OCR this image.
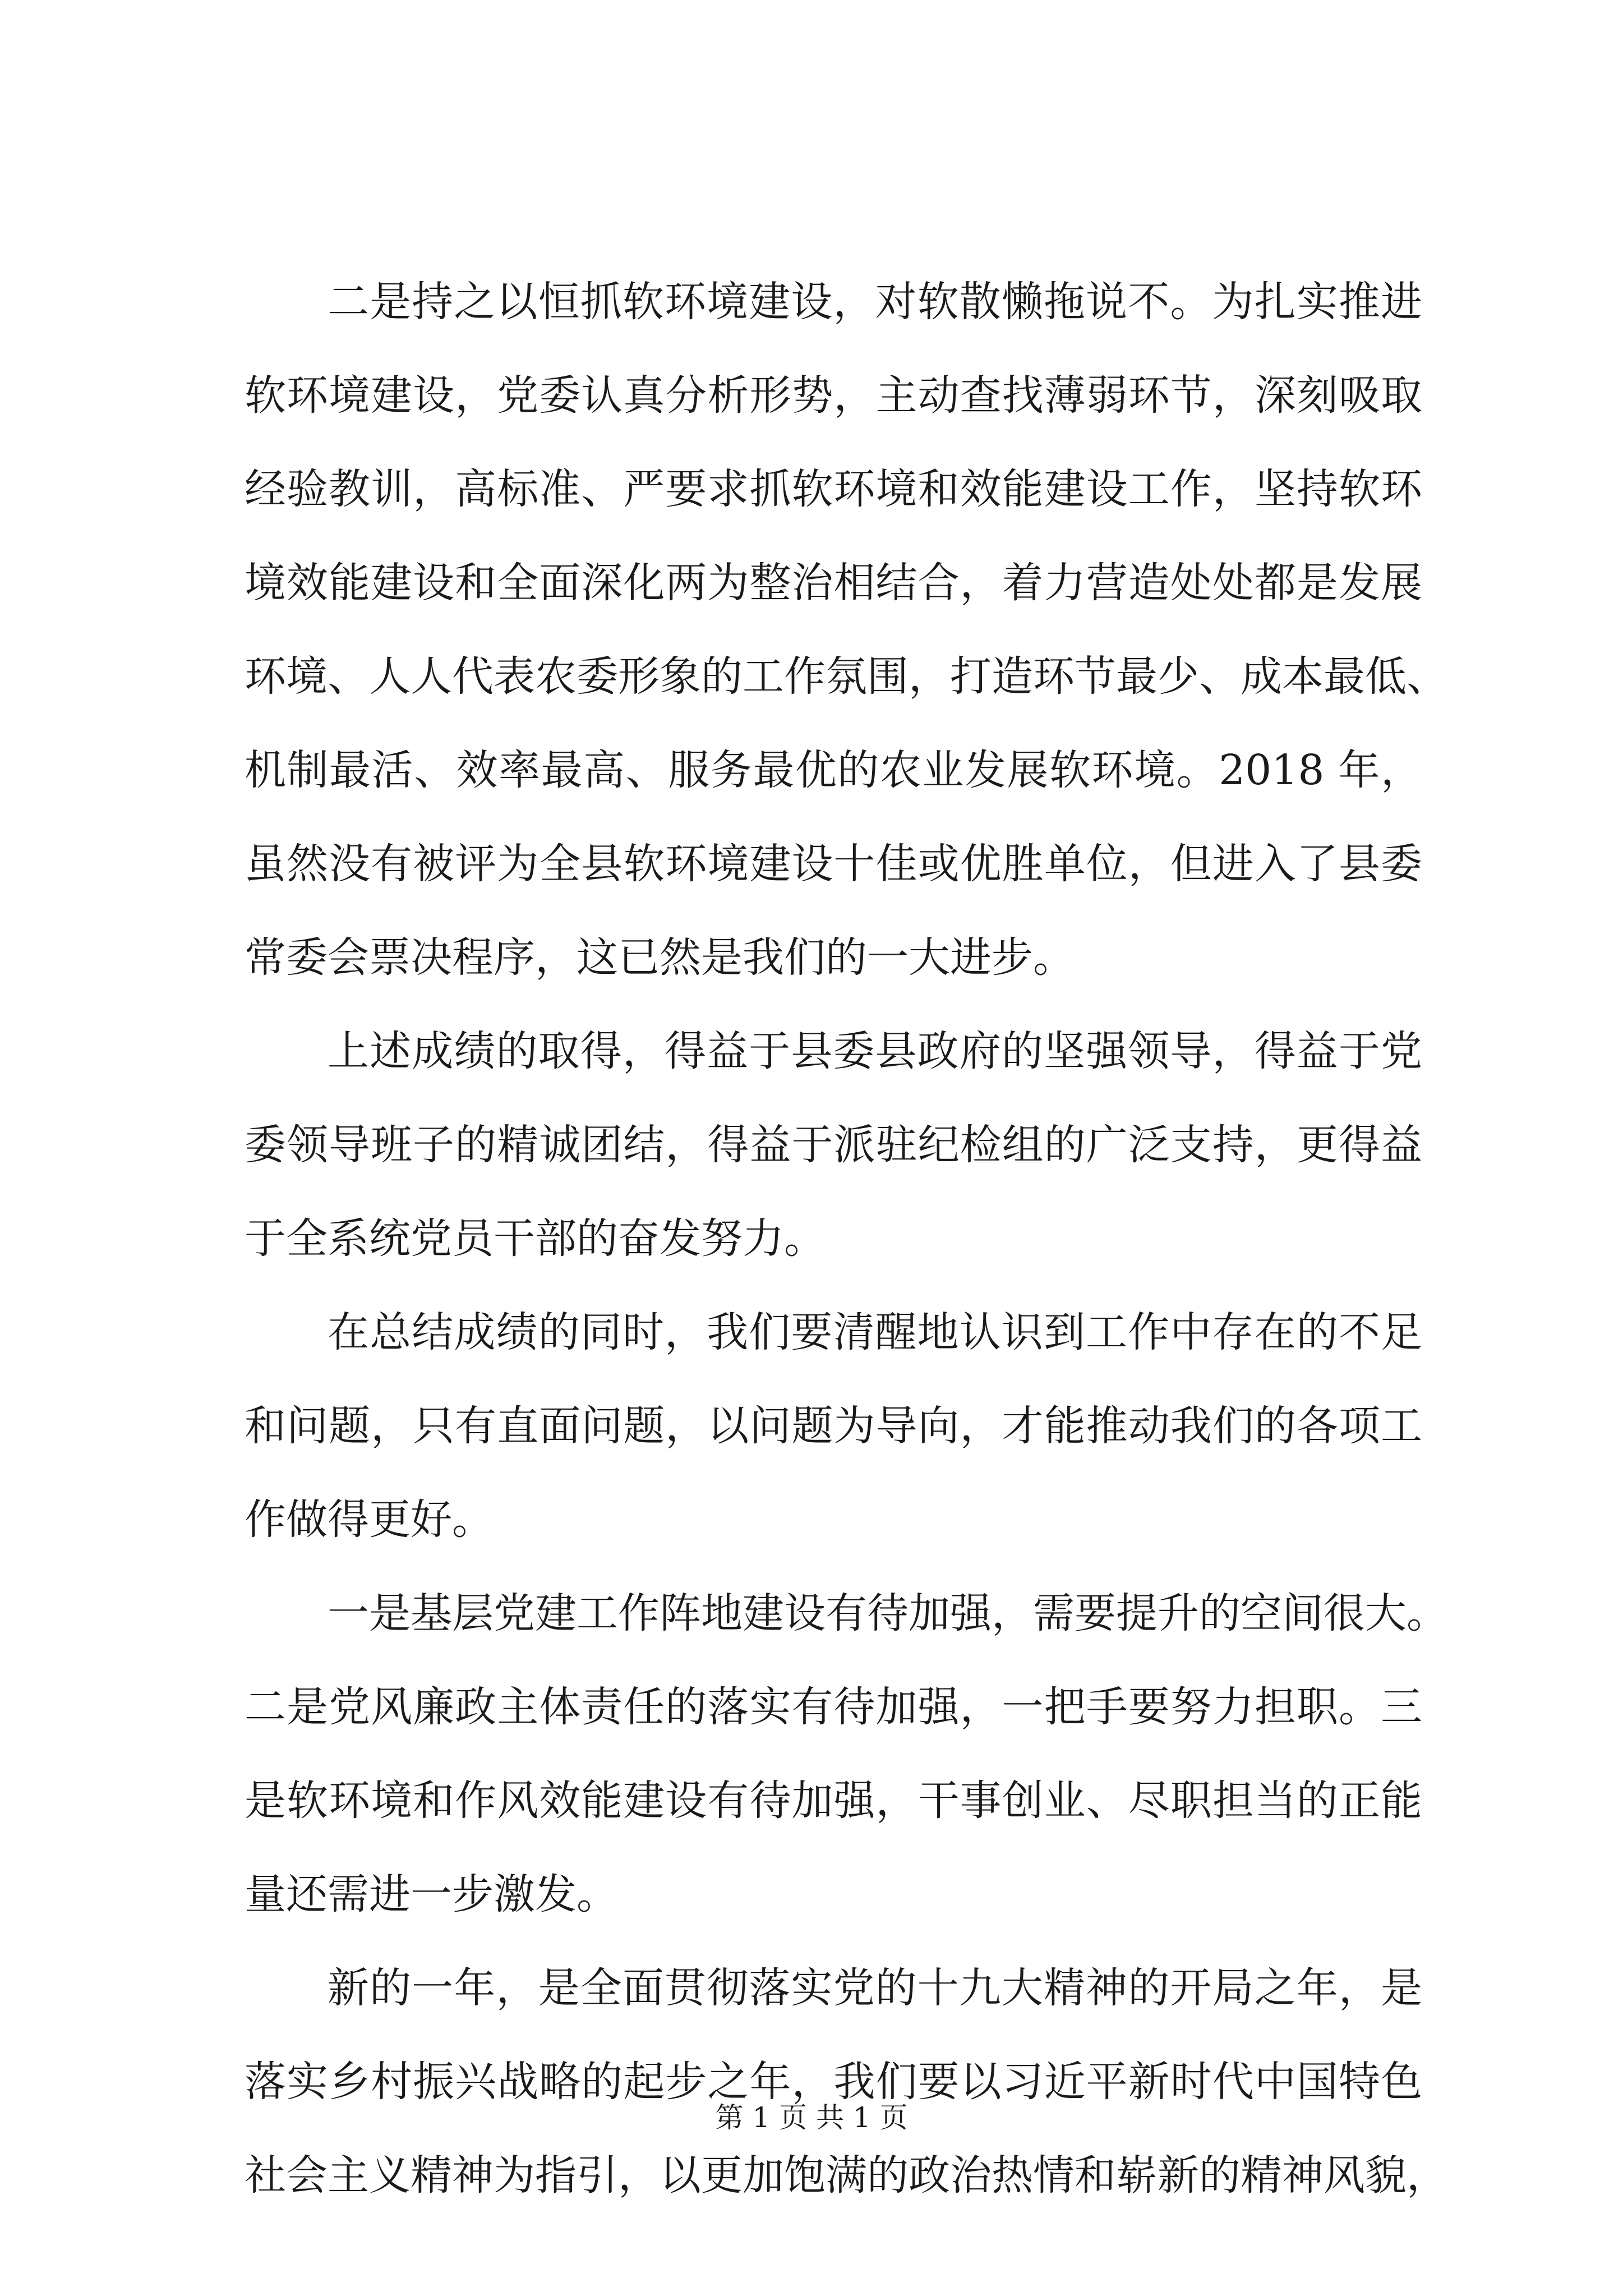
二是持之以恒抓软环境建设，对软散懒拖说不。为扎实推进
软环境建设，党委认真分析形势，主动查找薄弱环节，深刻吸取
经验教训，高标准、严要求抓软环境和效能建设工作，坚持软环
境效能建设和全面深化两为整治相结合，着力营造处处都是发展
环境、人人代表农委形象的工作氛围，打造环节最少、成本最低、
机制最活、效率最高、服务最优的农业发展软环境。2018 年，
虽然没有被评为全县软环境建设十佳或优胜单位，但进入了县委
常委会票决程序，这已然是我们的一大进步。
上述成绩的取得，得益于县委县政府的坚强领导，得益于党
委领导班子的精诚团结，得益于派驻纪检组的广泛支持，更得益
于全系统党员干部的奋发努力。
在总结成绩的同时，我们要清醒地认识到工作中存在的不足
和问题，只有直面问题，以问题为导向，才能推动我们的各项工
作做得更好。
一是基层党建工作阵地建设有待加强，需要提升的空间很大。
二是党风廉政主体责任的落实有待加强，一把手要努力担职。三
是软环境和作风效能建设有待加强，干事创业、尽职担当的正能
量还需进一步激发。
新的一年，是全面贯彻落实党的十九大精神的开局之年，是
落实乡村振兴战略的起步之年，我们要以习近平新时代中国特色
社会主义精神为指引，以更加饱满的政治热情和崭新的精神风貌，
第 1 页 共 1 页
